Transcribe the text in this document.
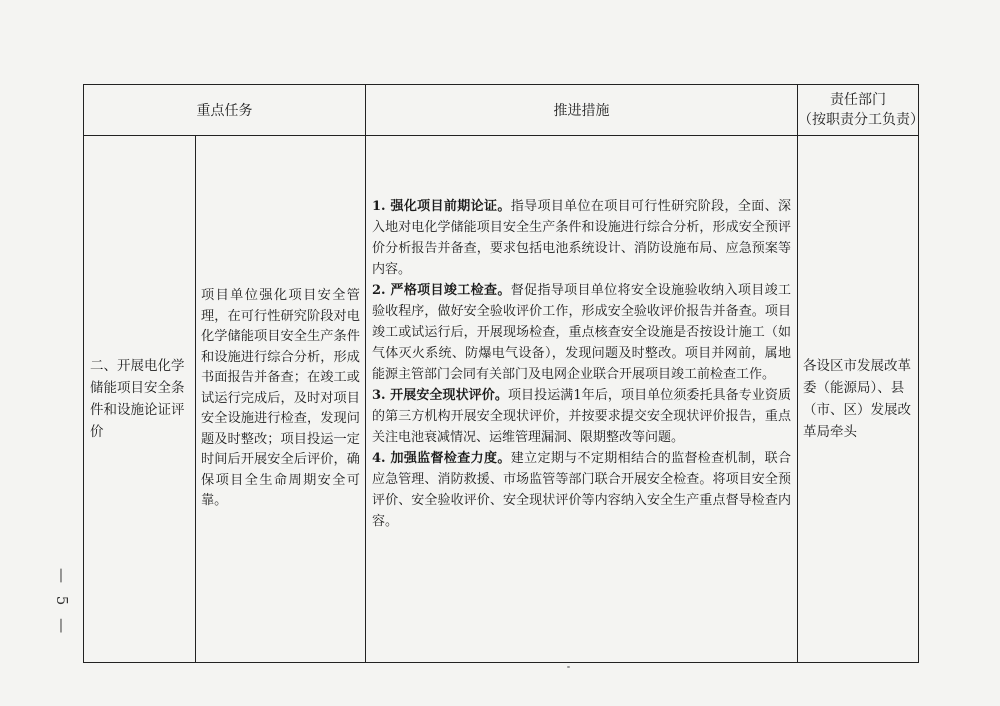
重点任务		推进措施	责任部门
（按职责分工负责）

二、开展电化学储能项目安全条件和设施论证评价	项目单位强化项目安全管理，在可行性研究阶段对电化学储能项目安全生产条件和设施进行综合分析，形成书面报告并备查；在竣工或试运行完成后，及时对项目安全设施进行检查，发现问题及时整改；项目投运一定时间后开展安全后评价，确保项目全生命周期安全可靠。	1. 强化项目前期论证。指导项目单位在项目可行性研究阶段，全面、深入地对电化学储能项目安全生产条件和设施进行综合分析，形成安全预评价分析报告并备查，要求包括电池系统设计、消防设施布局、应急预案等内容。

2. 严格项目竣工检查。督促指导项目单位将安全设施验收纳入项目竣工验收程序，做好安全验收评价工作，形成安全验收评价报告并备查。项目竣工或试运行后，开展现场检查，重点核查安全设施是否按设计施工（如气体灭火系统、防爆电气设备），发现问题及时整改。项目并网前，属地能源主管部门会同有关部门及电网企业联合开展项目竣工前检查工作。

3. 开展安全现状评价。项目投运满1年后，项目单位须委托具备专业资质的第三方机构开展安全现状评价，并按要求提交安全现状评价报告，重点关注电池衰减情况、运维管理漏洞、限期整改等问题。

4. 加强监督检查力度。建立定期与不定期相结合的监督检查机制，联合应急管理、消防救援、市场监管等部门联合开展安全检查。将项目安全预评价、安全验收评价、安全现状评价等内容纳入安全生产重点督导检查内容。	各设区市发展改革委（能源局）、县（市、区）发展改革局牵头
— 5 —
